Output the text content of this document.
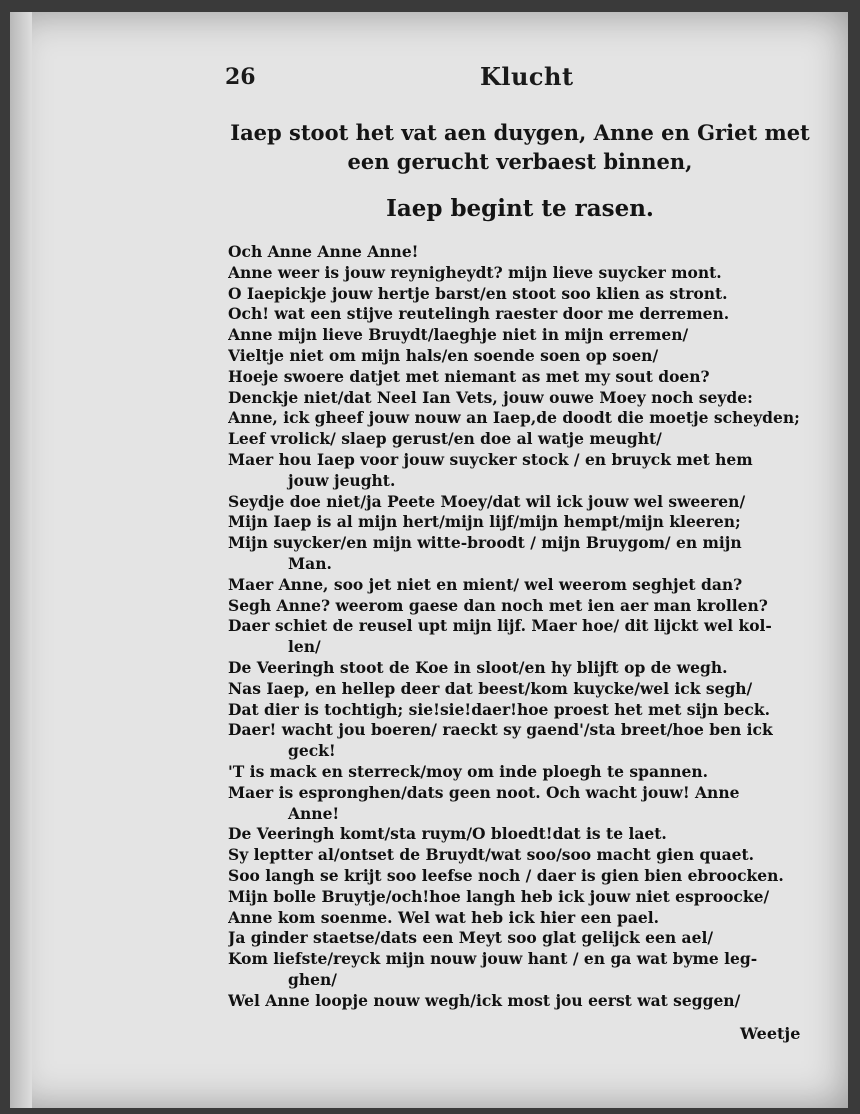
26	Klucht
Iaep stoot het vat aen duygen, Anne en Griet met
een gerucht verbaest binnen,
Iaep begint te rasen.
Och Anne Anne Anne!
Anne weer is jouw reynigheydt? mijn lieve suycker mont.
O Iaepickje jouw hertje barst/en stoot soo klien as stront.
Och! wat een stijve reutelingh raester door me derremen.
Anne mijn lieve Bruydt/laeghje niet in mijn erremen/
Vieltje niet om mijn hals/en soende soen op soen/
Hoeje swoere datjet met niemant as met my sout doen?
Denckje niet/dat Neel Ian Vets, jouw ouwe Moey noch seyde:
Anne, ick gheef jouw nouw an Iaep,de doodt die moetje scheyden;
Leef vrolick/ slaep gerust/en doe al watje meught/
Maer hou Iaep voor jouw suycker stock / en bruyck met hem
jouw jeught.
Seydje doe niet/ja Peete Moey/dat wil ick jouw wel sweeren/
Mijn Iaep is al mijn hert/mijn lijf/mijn hempt/mijn kleeren;
Mijn suycker/en mijn witte-broodt / mijn Bruygom/ en mijn
Man.
Maer Anne, soo jet niet en mient/ wel weerom seghjet dan?
Segh Anne? weerom gaese dan noch met ien aer man krollen?
Daer schiet de reusel upt mijn lijf. Maer hoe/ dit lijckt wel kol-
len/
De Veeringh stoot de Koe in sloot/en hy blijft op de wegh.
Nas Iaep, en hellep deer dat beest/kom kuycke/wel ick segh/
Dat dier is tochtigh; sie!sie!daer!hoe proest het met sijn beck.
Daer! wacht jou boeren/ raeckt sy gaend'/sta breet/hoe ben ick
geck!
'T is mack en sterreck/moy om inde ploegh te spannen.
Maer is espronghen/dats geen noot. Och wacht jouw! Anne
Anne!
De Veeringh komt/sta ruym/O bloedt!dat is te laet.
Sy leptter al/ontset de Bruydt/wat soo/soo macht gien quaet.
Soo langh se krijt soo leefse noch / daer is gien bien ebroocken.
Mijn bolle Bruytje/och!hoe langh heb ick jouw niet esproocke/
Anne kom soenme. Wel wat heb ick hier een pael.
Ja ginder staetse/dats een Meyt soo glat gelijck een ael/
Kom liefste/reyck mijn nouw jouw hant / en ga wat byme leg-
ghen/
Wel Anne loopje nouw wegh/ick most jou eerst wat seggen/
Weetje
